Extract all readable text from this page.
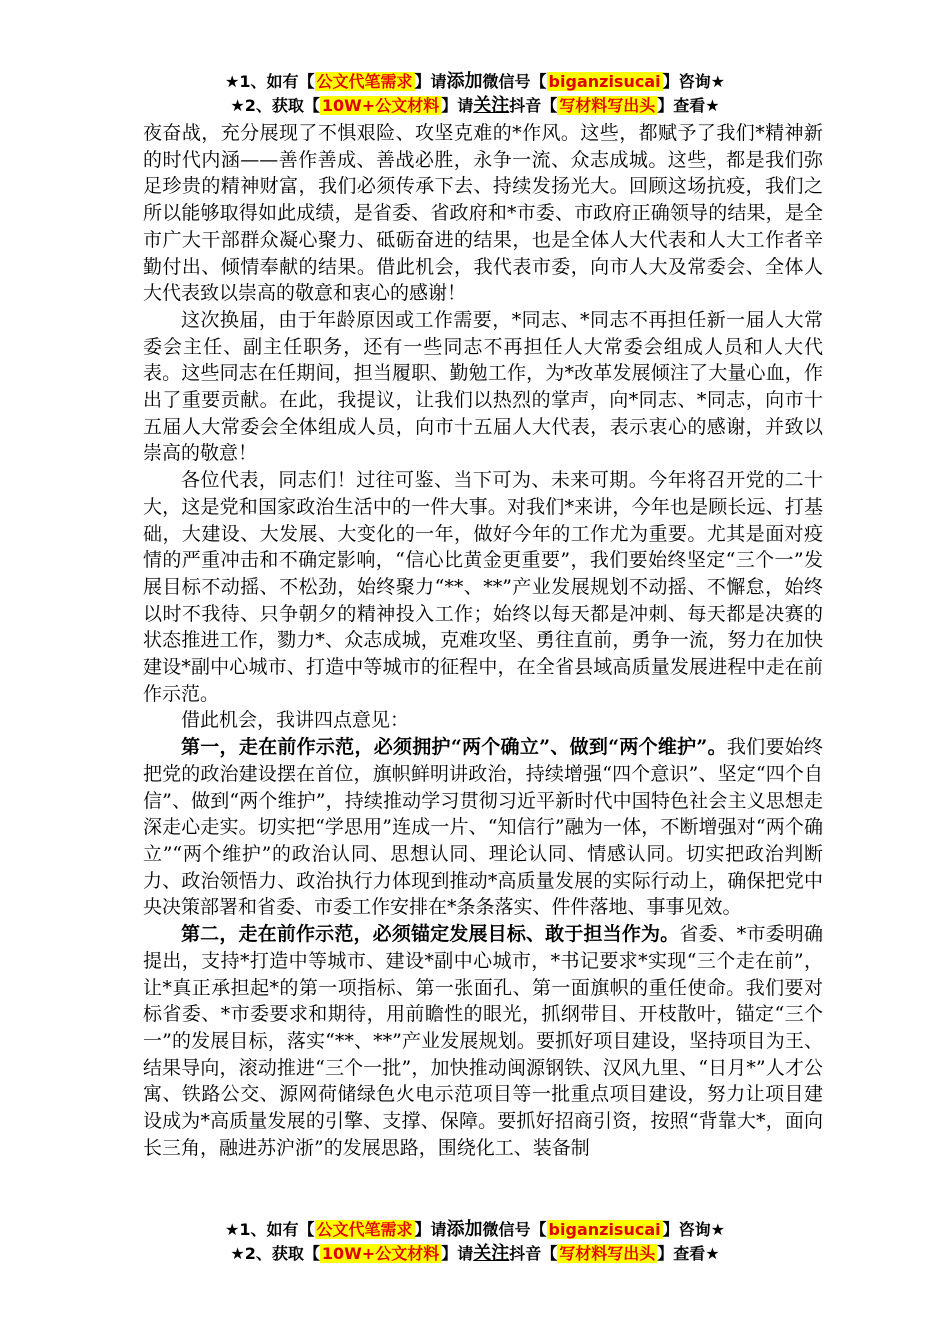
★1、如有【 公文代笔需求 】请添加微信号【 biganzisucai 】咨询★
★2、获取【 10W+公文材料 】请关注抖音【 写材料写出头 】查看★

夜奋战，充分展现了不惧艰险、攻坚克难的*作风。这些，都赋予了我们*精神新的时代内涵——善作善成、善战必胜，永争一流、众志成城。这些，都是我们弥足珍贵的精神财富，我们必须传承下去、持续发扬光大。回顾这场抗疫，我们之所以能够取得如此成绩，是省委、省政府和*市委、市政府正确领导的结果，是全市广大干部群众凝心聚力、砥砺奋进的结果，也是全体人大代表和人大工作者辛勤付出、倾情奉献的结果。借此机会，我代表市委，向市人大及常委会、全体人大代表致以崇高的敬意和衷心的感谢！

这次换届，由于年龄原因或工作需要，*同志、*同志不再担任新一届人大常委会主任、副主任职务，还有一些同志不再担任人大常委会组成人员和人大代表。这些同志在任期间，担当履职、勤勉工作，为*改革发展倾注了大量心血，作出了重要贡献。在此，我提议，让我们以热烈的掌声，向*同志、*同志，向市十五届人大常委会全体组成人员，向市十五届人大代表，表示衷心的感谢，并致以崇高的敬意！

各位代表，同志们！过往可鉴、当下可为、未来可期。今年将召开党的二十大，这是党和国家政治生活中的一件大事。对我们*来讲，今年也是顾长远、打基础，大建设、大发展、大变化的一年，做好今年的工作尤为重要。尤其是面对疫情的严重冲击和不确定影响，“信心比黄金更重要”，我们要始终坚定“三个一”发展目标不动摇、不松劲，始终聚力“**、**”产业发展规划不动摇、不懈怠，始终以时不我待、只争朝夕的精神投入工作；始终以每天都是冲刺、每天都是决赛的状态推进工作，勠力*、众志成城，克难攻坚、勇往直前，勇争一流，努力在加快建设*副中心城市、打造中等城市的征程中，在全省县域高质量发展进程中走在前作示范。

借此机会，我讲四点意见：

第一，走在前作示范，必须拥护“两个确立”、做到“两个维护”。我们要始终把党的政治建设摆在首位，旗帜鲜明讲政治，持续增强“四个意识”、坚定“四个自信”、做到“两个维护”，持续推动学习贯彻习近平新时代中国特色社会主义思想走深走心走实。切实把“学思用”连成一片、“知信行”融为一体，不断增强对“两个确立”“两个维护”的政治认同、思想认同、理论认同、情感认同。切实把政治判断力、政治领悟力、政治执行力体现到推动*高质量发展的实际行动上，确保把党中央决策部署和省委、市委工作安排在*条条落实、件件落地、事事见效。

第二，走在前作示范，必须锚定发展目标、敢于担当作为。省委、*市委明确提出，支持*打造中等城市、建设*副中心城市，*书记要求*实现“三个走在前”，让*真正承担起*的第一项指标、第一张面孔、第一面旗帜的重任使命。我们要对标省委、*市委要求和期待，用前瞻性的眼光，抓纲带目、开枝散叶，锚定“三个一”的发展目标，落实“**、**”产业发展规划。要抓好项目建设，坚持项目为王、结果导向，滚动推进“三个一批”，加快推动闽源钢铁、汉风九里、“日月*”人才公寓、铁路公交、源网荷储绿色火电示范项目等一批重点项目建设，努力让项目建设成为*高质量发展的引擎、支撑、保障。要抓好招商引资，按照“背靠大*，面向长三角，融进苏沪浙”的发展思路，围绕化工、装备制

★1、如有【 公文代笔需求 】请添加微信号【 biganzisucai 】咨询★
★2、获取【 10W+公文材料 】请关注抖音【 写材料写出头 】查看★
